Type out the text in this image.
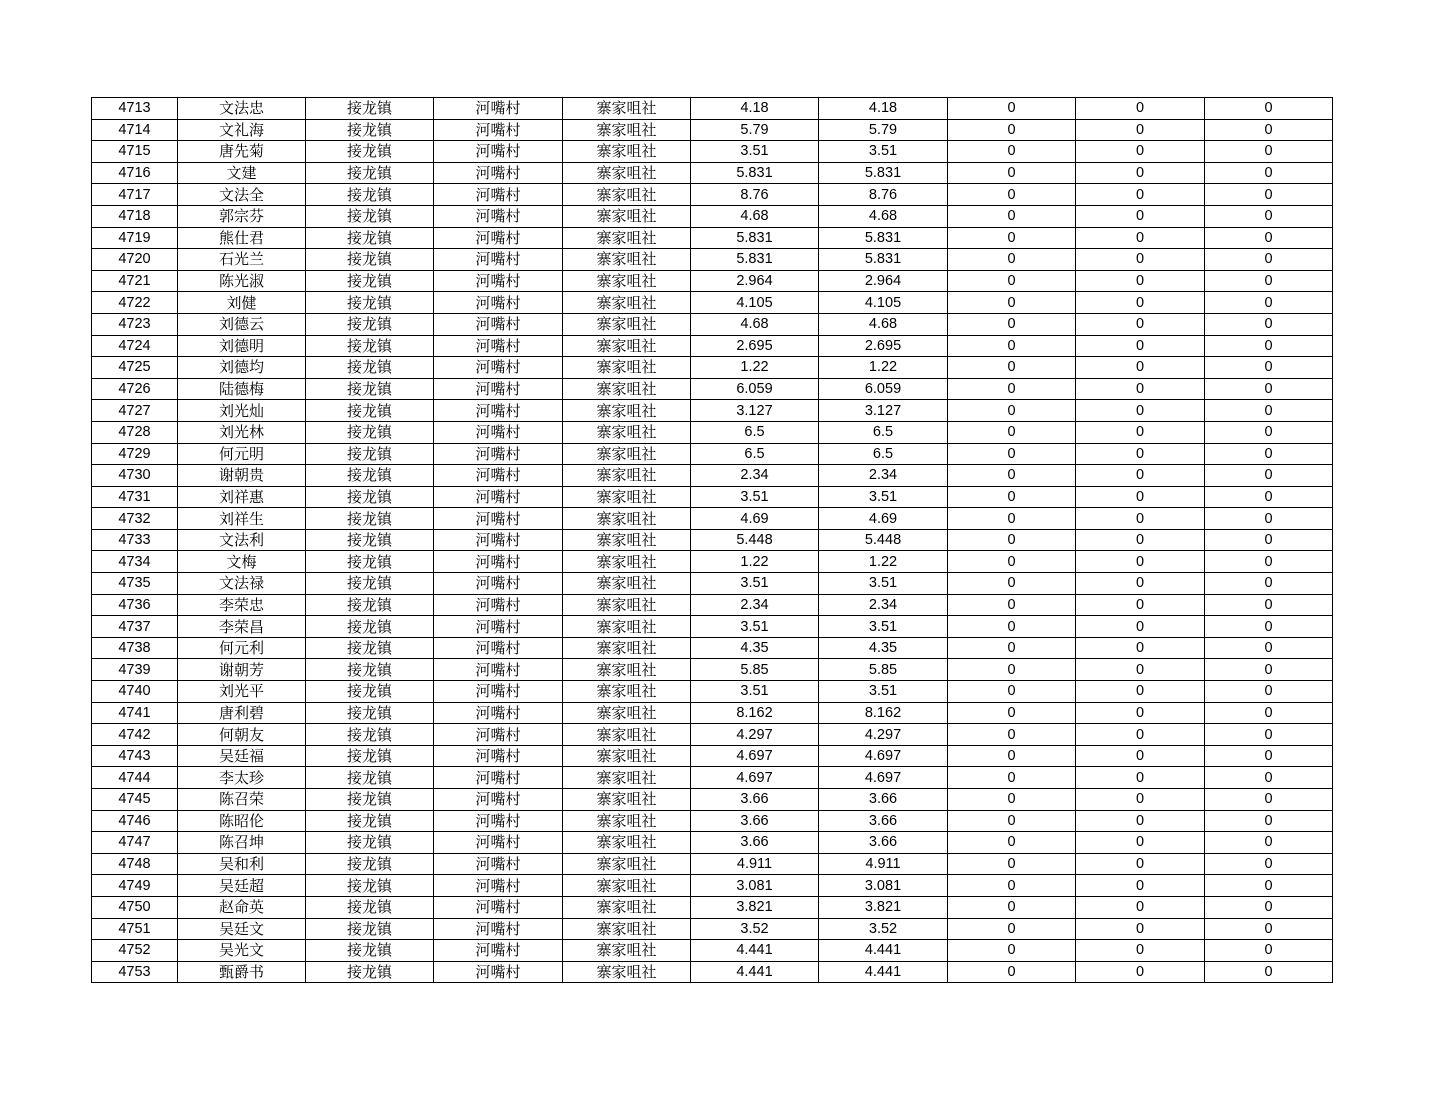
4713	文法忠	接龙镇	河嘴村	寨家咀社	4.18	4.18	0	0	0
4714	文礼海	接龙镇	河嘴村	寨家咀社	5.79	5.79	0	0	0
4715	唐先菊	接龙镇	河嘴村	寨家咀社	3.51	3.51	0	0	0
4716	文建	接龙镇	河嘴村	寨家咀社	5.831	5.831	0	0	0
4717	文法全	接龙镇	河嘴村	寨家咀社	8.76	8.76	0	0	0
4718	郭宗芬	接龙镇	河嘴村	寨家咀社	4.68	4.68	0	0	0
4719	熊仕君	接龙镇	河嘴村	寨家咀社	5.831	5.831	0	0	0
4720	石光兰	接龙镇	河嘴村	寨家咀社	5.831	5.831	0	0	0
4721	陈光淑	接龙镇	河嘴村	寨家咀社	2.964	2.964	0	0	0
4722	刘健	接龙镇	河嘴村	寨家咀社	4.105	4.105	0	0	0
4723	刘德云	接龙镇	河嘴村	寨家咀社	4.68	4.68	0	0	0
4724	刘德明	接龙镇	河嘴村	寨家咀社	2.695	2.695	0	0	0
4725	刘德均	接龙镇	河嘴村	寨家咀社	1.22	1.22	0	0	0
4726	陆德梅	接龙镇	河嘴村	寨家咀社	6.059	6.059	0	0	0
4727	刘光灿	接龙镇	河嘴村	寨家咀社	3.127	3.127	0	0	0
4728	刘光林	接龙镇	河嘴村	寨家咀社	6.5	6.5	0	0	0
4729	何元明	接龙镇	河嘴村	寨家咀社	6.5	6.5	0	0	0
4730	谢朝贵	接龙镇	河嘴村	寨家咀社	2.34	2.34	0	0	0
4731	刘祥惠	接龙镇	河嘴村	寨家咀社	3.51	3.51	0	0	0
4732	刘祥生	接龙镇	河嘴村	寨家咀社	4.69	4.69	0	0	0
4733	文法利	接龙镇	河嘴村	寨家咀社	5.448	5.448	0	0	0
4734	文梅	接龙镇	河嘴村	寨家咀社	1.22	1.22	0	0	0
4735	文法禄	接龙镇	河嘴村	寨家咀社	3.51	3.51	0	0	0
4736	李荣忠	接龙镇	河嘴村	寨家咀社	2.34	2.34	0	0	0
4737	李荣昌	接龙镇	河嘴村	寨家咀社	3.51	3.51	0	0	0
4738	何元利	接龙镇	河嘴村	寨家咀社	4.35	4.35	0	0	0
4739	谢朝芳	接龙镇	河嘴村	寨家咀社	5.85	5.85	0	0	0
4740	刘光平	接龙镇	河嘴村	寨家咀社	3.51	3.51	0	0	0
4741	唐利碧	接龙镇	河嘴村	寨家咀社	8.162	8.162	0	0	0
4742	何朝友	接龙镇	河嘴村	寨家咀社	4.297	4.297	0	0	0
4743	吴廷福	接龙镇	河嘴村	寨家咀社	4.697	4.697	0	0	0
4744	李太珍	接龙镇	河嘴村	寨家咀社	4.697	4.697	0	0	0
4745	陈召荣	接龙镇	河嘴村	寨家咀社	3.66	3.66	0	0	0
4746	陈昭伦	接龙镇	河嘴村	寨家咀社	3.66	3.66	0	0	0
4747	陈召坤	接龙镇	河嘴村	寨家咀社	3.66	3.66	0	0	0
4748	吴和利	接龙镇	河嘴村	寨家咀社	4.911	4.911	0	0	0
4749	吴廷超	接龙镇	河嘴村	寨家咀社	3.081	3.081	0	0	0
4750	赵命英	接龙镇	河嘴村	寨家咀社	3.821	3.821	0	0	0
4751	吴廷文	接龙镇	河嘴村	寨家咀社	3.52	3.52	0	0	0
4752	吴光文	接龙镇	河嘴村	寨家咀社	4.441	4.441	0	0	0
4753	甄爵书	接龙镇	河嘴村	寨家咀社	4.441	4.441	0	0	0
